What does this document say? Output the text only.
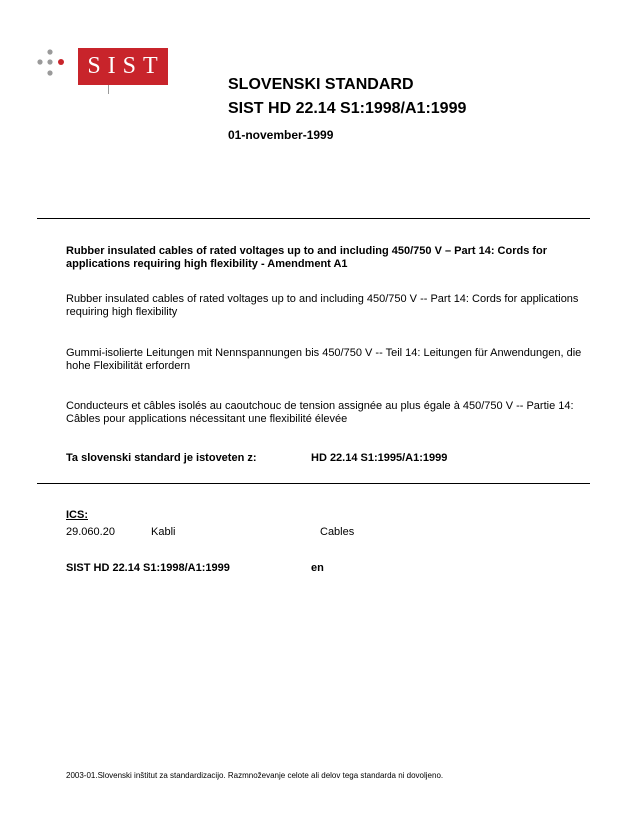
SIST
SLOVENSKI STANDARD
SIST HD 22.14 S1:1998/A1:1999
01-november-1999
Rubber insulated cables of rated voltages up to and including 450/750 V – Part 14: Cords for applications requiring high flexibility - Amendment A1
Rubber insulated cables of rated voltages up to and including 450/750 V -- Part 14: Cords for applications requiring high flexibility
Gummi-isolierte Leitungen mit Nennspannungen bis 450/750 V -- Teil 14: Leitungen für Anwendungen, die hohe Flexibilität erfordern
Conducteurs et câbles isolés au caoutchouc de tension assignée au plus égale à 450/750 V -- Partie 14: Câbles pour applications nécessitant une flexibilité élevée
Ta slovenski standard je istoveten z:	HD 22.14 S1:1995/A1:1999
ICS:
29.060.20	Kabli	Cables
SIST HD 22.14 S1:1998/A1:1999	en
2003-01.Slovenski inštitut za standardizacijo. Razmnoževanje celote ali delov tega standarda ni dovoljeno.
